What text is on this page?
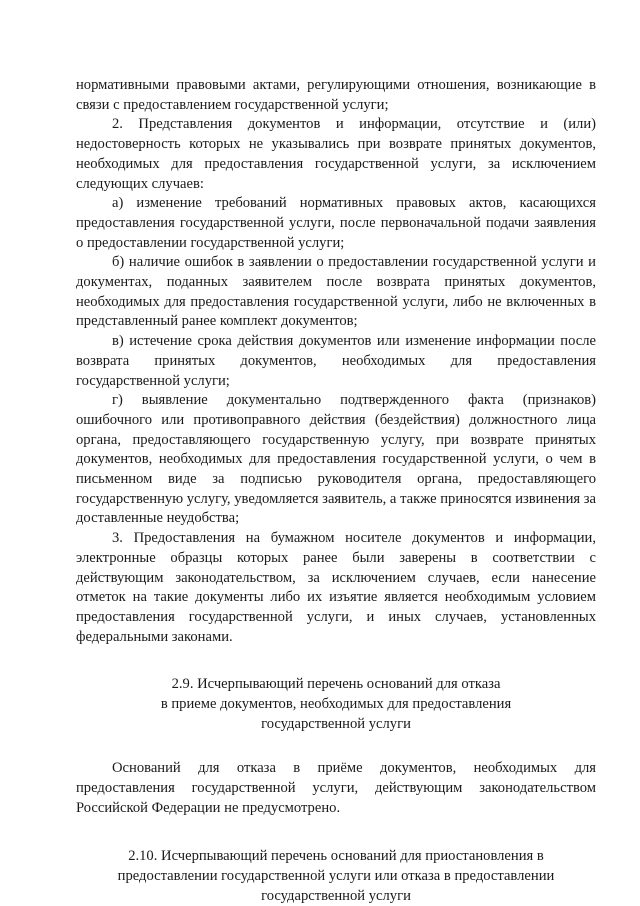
нормативными правовыми актами, регулирующими отношения, возникающие в связи с предоставлением государственной услуги;

2. Представления документов и информации, отсутствие и (или) недостоверность которых не указывались при возврате принятых документов, необходимых для предоставления государственной услуги, за исключением следующих случаев:

а) изменение требований нормативных правовых актов, касающихся предоставления государственной услуги, после первоначальной подачи заявления о предоставлении государственной услуги;

б) наличие ошибок в заявлении о предоставлении государственной услуги и документах, поданных заявителем после возврата принятых документов, необходимых для предоставления государственной услуги, либо не включенных в представленный ранее комплект документов;

в) истечение срока действия документов или изменение информации после возврата принятых документов, необходимых для предоставления государственной услуги;

г) выявление документально подтвержденного факта (признаков) ошибочного или противоправного действия (бездействия) должностного лица органа, предоставляющего государственную услугу, при возврате принятых документов, необходимых для предоставления государственной услуги, о чем в письменном виде за подписью руководителя органа, предоставляющего государственную услугу, уведомляется заявитель, а также приносятся извинения за доставленные неудобства;

3. Предоставления на бумажном носителе документов и информации, электронные образцы которых ранее были заверены в соответствии с действующим законодательством, за исключением случаев, если нанесение отметок на такие документы либо их изъятие является необходимым условием предоставления государственной услуги, и иных случаев, установленных федеральными законами.

2.9. Исчерпывающий перечень оснований для отказа
в приеме документов, необходимых для предоставления
государственной услуги

Оснований для отказа в приёме документов, необходимых для предоставления государственной услуги, действующим законодательством Российской Федерации не предусмотрено.

2.10. Исчерпывающий перечень оснований для приостановления в
предоставлении государственной услуги или отказа в предоставлении
государственной услуги
